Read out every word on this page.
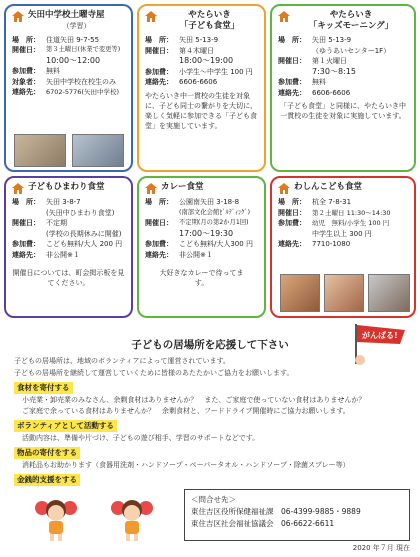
矢田中学校土曜寺屋
（学習）
場　所： 住道矢田 9-7-55
開催日： 第３土曜日(休業で変更等)
10:00～12:00
参加費： 無料
対象者： 矢田中学校在校生のみ
連絡先： 6702-5776(矢田中学校)
やたらいき
「子ども食堂」
場　所： 矢田 5-13-9
開催日： 第４木曜日
18:00～19:00
参加費： 小学生～中学生 100 円
連絡先： 6606-6606
やたらいき中一貫校の生徒を対象に、子ども同士の繋がりを大切に、楽しく気軽に参加できる「子ども食堂」を実施しています。
やたらいき
「キッズモーニング」
場　所： 矢田 5-13-9
（ゆうあいセンター1F）
開催日： 第１火曜日
7:30～8:15
参加費： 無料
連絡先： 6606-6606
「子ども食堂」と同様に、やたらいき中一貫校の生徒を対象に実施しています。
子どもひまわり食堂
場　所： 矢田 3-8-7
(矢田中ひまわり食堂)
開催日： 不定期
(学校の長期休みに開催)
参加費： こども無料/大人 200 円
連絡先： 非公開※１
開催日については、町会掲示板を見てください。
カレー食堂
場　所： 公園南矢田 3-18-8
(南部文化会館ﾋﾞﾙﾃﾞｨﾝｸﾞ)
開催日： 不定期(月の第2か月1回)
17:00～19:30
参加費： こども無料/大人300 円
連絡先： 非公開※１
大好きなカレーで待ってます。
わしんこども食堂
場　所： 杭全 7-8-31
開催日： 第２土曜日 11:30～14:30
参加費： 幼児　無料/小学生 100 円
中学生以上 300 円
連絡先： 7710-1080
子どもの居場所を応援して下さい
がんばる!
子どもの居場所は、地域のボランティアによって運営されています。
子どもの居場所を継続して運営していくために皆様のあたたかいご協力をお願いします。
食材を寄付する
小売業・卸売業のみなさん、余剰食材はありませんか？　また、ご家庭で使っていない食材はありませんか？
ご家庭で余っている食材はありませんか？　余剰食材と、フードドライブ開催時にご協力お願いします。
ボランティアとして活動する
活動内容は、準備や片づけ、子どもの遊び相手、学習のサポートなどです。
物品の寄付をする
消耗品もお助かります（食器用洗剤・ハンドソープ・ペーパータオル・ハンドソープ・除菌スプレー等）
金銭的支援をする
＜問合せ先＞
東住吉区役所保健福祉課　06-4399-9885・9889
東住吉区社会福祉協議会　06-6622-6611
2020 年７月 現在
